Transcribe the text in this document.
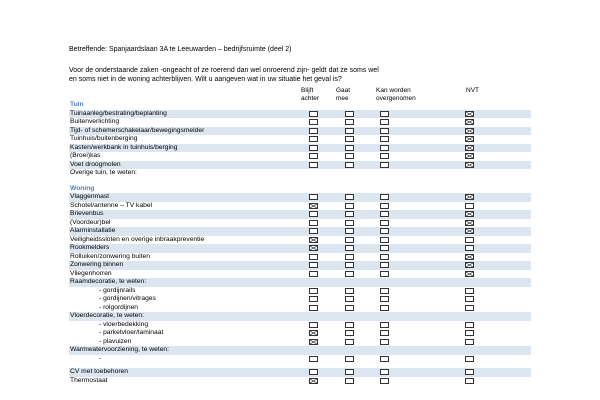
Betreffende: Spanjaardslaan 3A te Leeuwarden – bedrijfsruimte (deel 2)
Voor de onderstaande zaken -ongeacht of ze roerend dan wel onroerend zijn- geldt dat ze soms wel
en soms niet in de woning achterblijven. Wilt u aangeven wat in uw situatie het geval is?
Blijft
achter
Gaat
mee
Kan worden
overgenomen
NVT
Tuin
Tuinaanleg/bestrating/beplanting
Buitenverlichting
Tijd- of schemerschakelaar/bewegingsmelder
Tuinhuis/buitenberging
Kasten/werkbank in tuinhuis/berging
(Broei)kas
Voet droogmolen
Overige tuin, te weten:
Woning
Vlaggenmast
Schotel/antenne – TV kabel
Brievenbus
(Voordeur)bel
Alarminstallatie
Veiligheidssloten en overige inbraakpreventie
Rookmelders
Rolluiken/zonwering buiten
Zonwering binnen
Vliegenhorren
Raamdecoratie, te weten:
- gordijnrails
- gordijnen/vitrages
- rolgordijnen
Vloerdecoratie, te weten:
- vloerbedekking
- parketvloer/laminaat
- plavuizen
Warmwatervoorziening, te weten:
-
CV met toebehoren
Thermostaat
